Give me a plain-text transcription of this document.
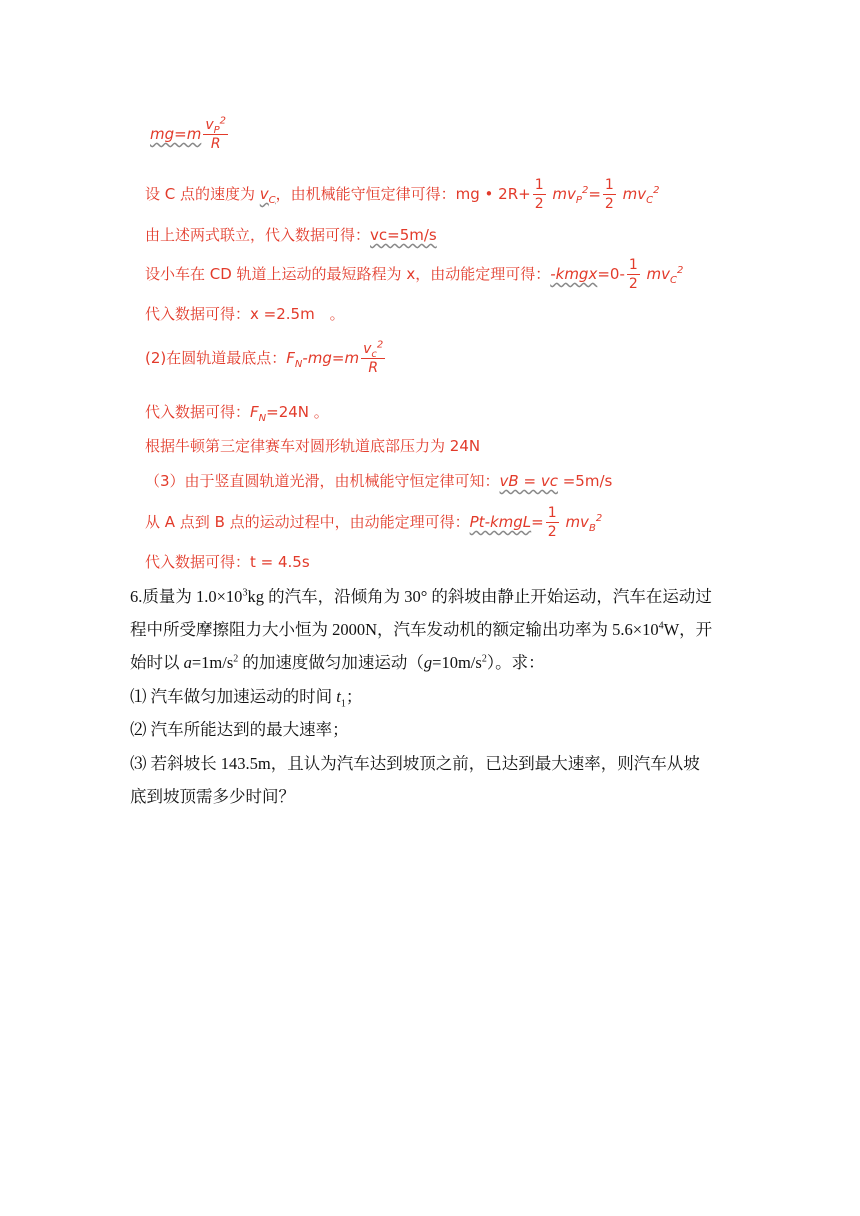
$mg=m \frac{v_P^2}{R}$
设 C 点的速度为 $v_C$，由机械能守恒定律可得：mg • $2R+ \frac{1}{2} mv_P^2= \frac{1}{2} mv_C^2$
由上述两式联立，代入数据可得：vc=5m/s
设小车在 CD 轨道上运动的最短路程为 x，由动能定理可得：-kmgx=0- $\frac{1}{2} mv_C^2$
代入数据可得：x =2.5m　。
(2)在圆轨道最底点：$F_N-mg=m \frac{v_c^2}{R}$
代入数据可得：$F_N=24N$ 。
根据牛顿第三定律赛车对圆形轨道底部压力为 24N
（3）由于竖直圆轨道光滑，由机械能守恒定律可知：vB = vc =5m/s
从 A 点到 B 点的运动过程中，由动能定理可得：Pt-kmgL= $\frac{1}{2} mv_B^2$
代入数据可得：t = 4.5s
6.质量为 $1.0\times 10^3kg$ 的汽车，沿倾角为 30° 的斜坡由静止开始运动，汽车在运动过
程中所受摩擦阻力大小恒为 2000N，汽车发动机的额定输出功率为 $5.6\times 10^4W$，开
始时以 $a=1m/s^2$ 的加速度做匀加速运动$(g=10m/s^2)$。求：
⑴ 汽车做匀加速运动的时间 $t_1$；
⑵ 汽车所能达到的最大速率；
⑶ 若斜坡长 143.5m，且认为汽车达到坡顶之前，已达到最大速率，则汽车从坡
底到坡顶需多少时间？
